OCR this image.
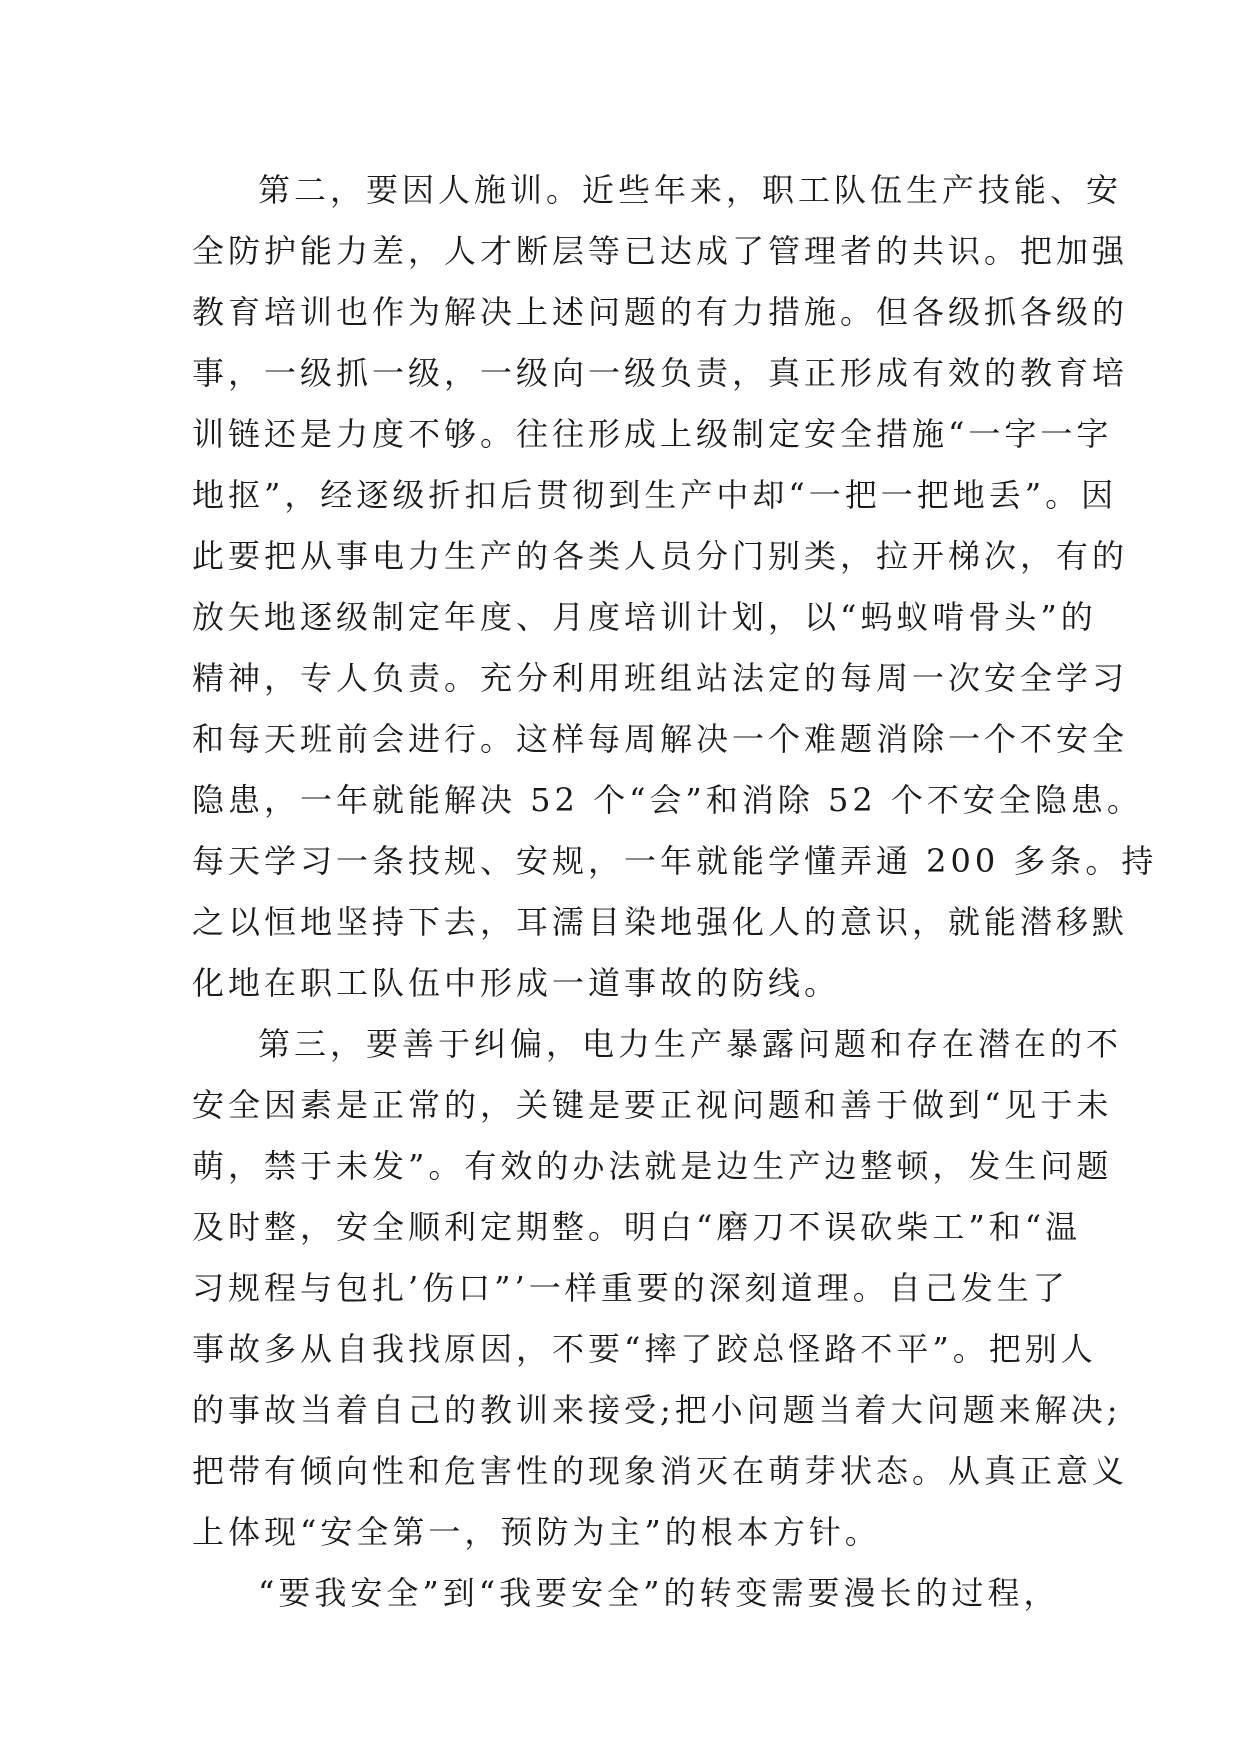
第二，要因人施训。近些年来，职工队伍生产技能、安
全防护能力差，人才断层等已达成了管理者的共识。把加强
教育培训也作为解决上述问题的有力措施。但各级抓各级的
事，一级抓一级，一级向一级负责，真正形成有效的教育培
训链还是力度不够。往往形成上级制定安全措施“一字一字
地抠”，经逐级折扣后贯彻到生产中却“一把一把地丢”。因
此要把从事电力生产的各类人员分门别类，拉开梯次，有的
放矢地逐级制定年度、月度培训计划，以“蚂蚁啃骨头”的
精神，专人负责。充分利用班组站法定的每周一次安全学习
和每天班前会进行。这样每周解决一个难题消除一个不安全
隐患，一年就能解决 52 个“会”和消除 52 个不安全隐患。
每天学习一条技规、安规，一年就能学懂弄通 200 多条。持
之以恒地坚持下去，耳濡目染地强化人的意识，就能潜移默
化地在职工队伍中形成一道事故的防线。
第三，要善于纠偏，电力生产暴露问题和存在潜在的不
安全因素是正常的，关键是要正视问题和善于做到“见于未
萌，禁于未发”。有效的办法就是边生产边整顿，发生问题
及时整，安全顺利定期整。明白“磨刀不误砍柴工”和“温
习规程与包扎’伤口”’一样重要的深刻道理。自己发生了
事故多从自我找原因，不要“摔了跤总怪路不平”。把别人
的事故当着自己的教训来接受;把小问题当着大问题来解决;
把带有倾向性和危害性的现象消灭在萌芽状态。从真正意义
上体现“安全第一，预防为主”的根本方针。
“要我安全”到“我要安全”的转变需要漫长的过程，
